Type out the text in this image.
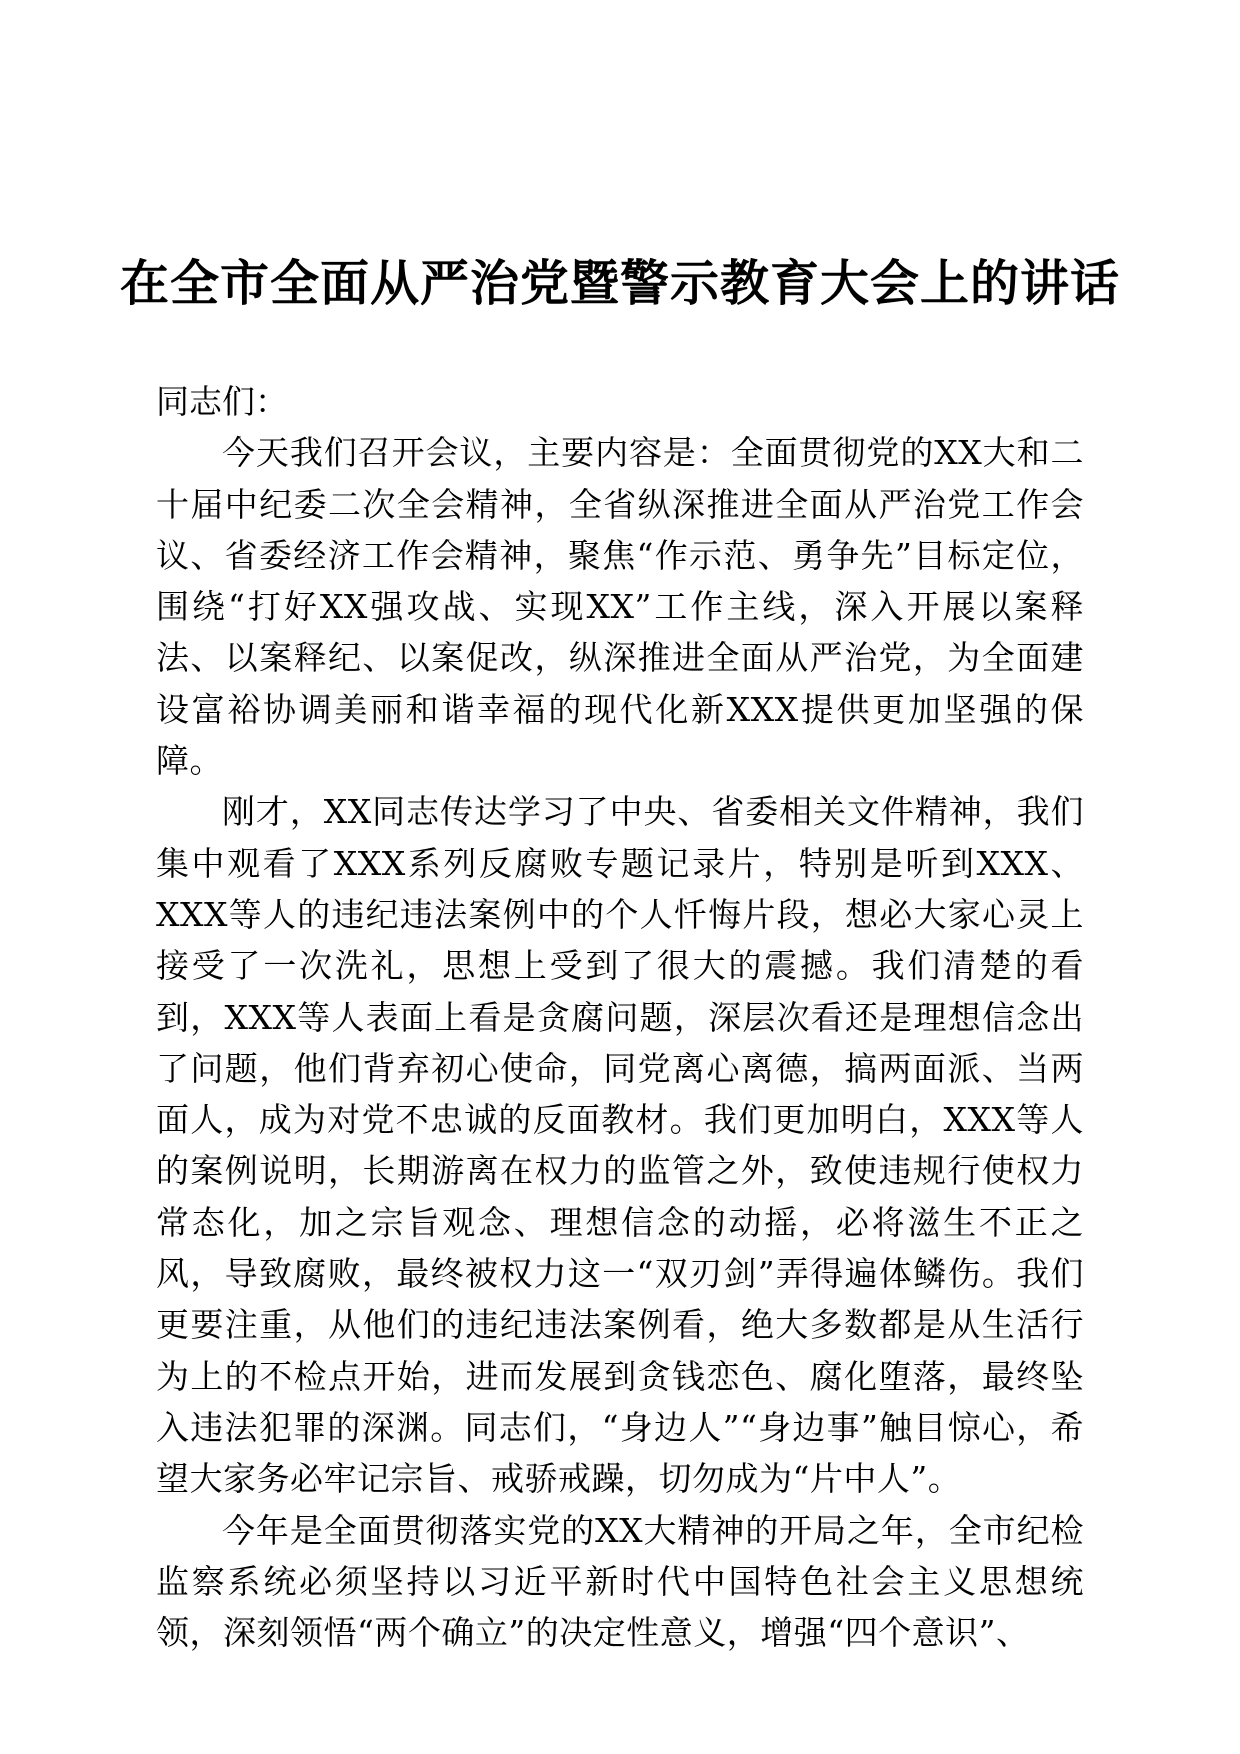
在全市全面从严治党暨警示教育大会上的讲话

同志们：

今天我们召开会议，主要内容是：全面贯彻党的XX大和二十届中纪委二次全会精神，全省纵深推进全面从严治党工作会议、省委经济工作会精神，聚焦“作示范、勇争先”目标定位，围绕“打好XX强攻战、实现XX”工作主线，深入开展以案释法、以案释纪、以案促改，纵深推进全面从严治党，为全面建设富裕协调美丽和谐幸福的现代化新XXX提供更加坚强的保障。

刚才，XX同志传达学习了中央、省委相关文件精神，我们集中观看了XXX系列反腐败专题记录片，特别是听到XXX、XXX等人的违纪违法案例中的个人忏悔片段，想必大家心灵上接受了一次洗礼，思想上受到了很大的震撼。我们清楚的看到，XXX等人表面上看是贪腐问题，深层次看还是理想信念出了问题，他们背弃初心使命，同党离心离德，搞两面派、当两面人，成为对党不忠诚的反面教材。我们更加明白，XXX等人的案例说明，长期游离在权力的监管之外，致使违规行使权力常态化，加之宗旨观念、理想信念的动摇，必将滋生不正之风，导致腐败，最终被权力这一“双刃剑”弄得遍体鳞伤。我们更要注重，从他们的违纪违法案例看，绝大多数都是从生活行为上的不检点开始，进而发展到贪钱恋色、腐化堕落，最终坠入违法犯罪的深渊。同志们，“身边人”“身边事”触目惊心，希望大家务必牢记宗旨、戒骄戒躁，切勿成为“片中人”。

今年是全面贯彻落实党的XX大精神的开局之年，全市纪检监察系统必须坚持以习近平新时代中国特色社会主义思想统领，深刻领悟“两个确立”的决定性意义，增强“四个意识”、
